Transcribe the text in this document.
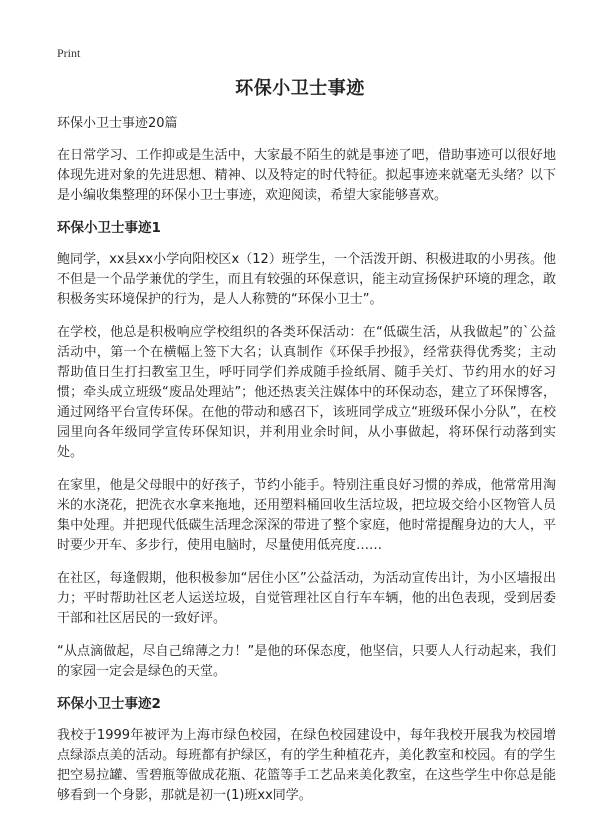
Print
环保小卫士事迹
环保小卫士事迹20篇

在日常学习、工作抑或是生活中，大家最不陌生的就是事迹了吧，借助事迹可以很好地体现先进对象的先进思想、精神、以及特定的时代特征。拟起事迹来就毫无头绪？以下是小编收集整理的环保小卫士事迹，欢迎阅读，希望大家能够喜欢。

环保小卫士事迹1

鲍同学，xx县xx小学向阳校区x（12）班学生，一个活泼开朗、积极进取的小男孩。他不但是一个品学兼优的学生，而且有较强的环保意识，能主动宣扬保护环境的理念，敢积极务实环境保护的行为，是人人称赞的“环保小卫士”。

在学校，他总是积极响应学校组织的各类环保活动：在“低碳生活，从我做起”的`公益活动中，第一个在横幅上签下大名；认真制作《环保手抄报》，经常获得优秀奖；主动帮助值日生打扫教室卫生，呼吁同学们养成随手捡纸屑、随手关灯、节约用水的好习惯；牵头成立班级“废品处理站”；他还热衷关注媒体中的环保动态，建立了环保博客，通过网络平台宣传环保。在他的带动和感召下，该班同学成立“班级环保小分队”，在校园里向各年级同学宣传环保知识，并利用业余时间，从小事做起，将环保行动落到实处。

在家里，他是父母眼中的好孩子，节约小能手。特别注重良好习惯的养成，他常常用淘米的水浇花，把洗衣水拿来拖地，还用塑料桶回收生活垃圾，把垃圾交给小区物管人员集中处理。并把现代低碳生活理念深深的带进了整个家庭，他时常提醒身边的大人，平时要少开车、多步行，使用电脑时，尽量使用低亮度……

在社区，每逢假期，他积极参加“居住小区”公益活动，为活动宣传出计，为小区墙报出力；平时帮助社区老人运送垃圾，自觉管理社区自行车车辆，他的出色表现，受到居委干部和社区居民的一致好评。

“从点滴做起，尽自己绵薄之力！”是他的环保态度，他坚信，只要人人行动起来，我们的家园一定会是绿色的天堂。

环保小卫士事迹2

我校于1999年被评为上海市绿色校园，在绿色校园建设中，每年我校开展我为校园增点绿添点美的活动。每班都有护绿区，有的学生种植花卉，美化教室和校园。有的学生把空易拉罐、雪碧瓶等做成花瓶、花篮等手工艺品来美化教室，在这些学生中你总是能够看到一个身影，那就是初一(1)班xx同学。
